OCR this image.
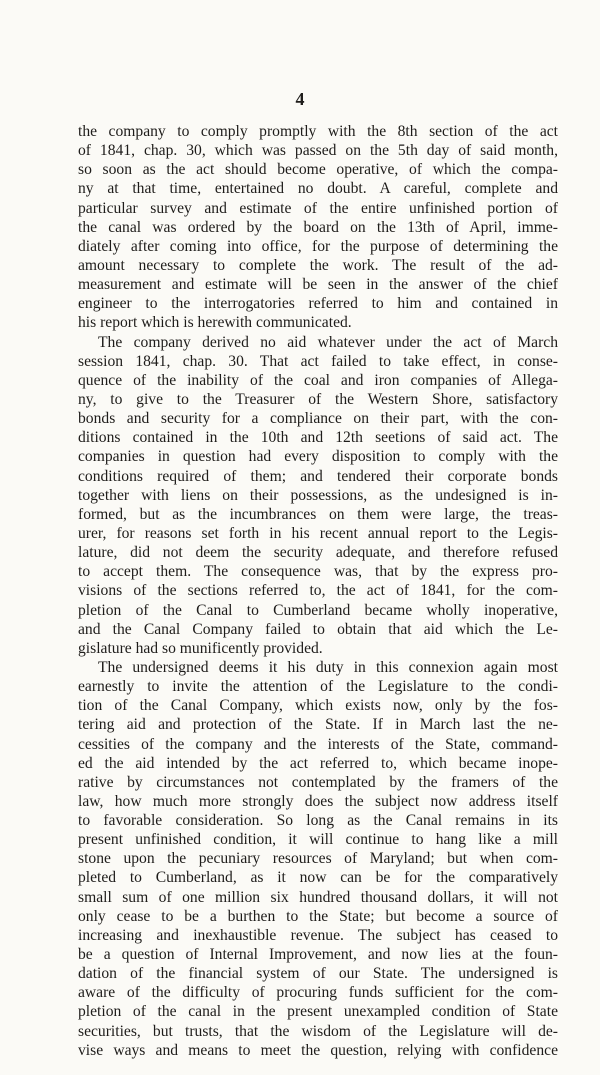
4
the company to comply promptly with the 8th section of the act
of 1841, chap. 30, which was passed on the 5th day of said month,
so soon as the act should become operative, of which the compa-
ny at that time, entertained no doubt. A careful, complete and
particular survey and estimate of the entire unfinished portion of
the canal was ordered by the board on the 13th of April, imme-
diately after coming into office, for the purpose of determining the
amount necessary to complete the work. The result of the ad-
measurement and estimate will be seen in the answer of the chief
engineer to the interrogatories referred to him and contained in
his report which is herewith communicated.
The company derived no aid whatever under the act of March
session 1841, chap. 30. That act failed to take effect, in conse-
quence of the inability of the coal and iron companies of Allega-
ny, to give to the Treasurer of the Western Shore, satisfactory
bonds and security for a compliance on their part, with the con-
ditions contained in the 10th and 12th seetions of said act. The
companies in question had every disposition to comply with the
conditions required of them; and tendered their corporate bonds
together with liens on their possessions, as the undesigned is in-
formed, but as the incumbrances on them were large, the treas-
urer, for reasons set forth in his recent annual report to the Legis-
lature, did not deem the security adequate, and therefore refused
to accept them. The consequence was, that by the express pro-
visions of the sections referred to, the act of 1841, for the com-
pletion of the Canal to Cumberland became wholly inoperative,
and the Canal Company failed to obtain that aid which the Le-
gislature had so munificently provided.
The undersigned deems it his duty in this connexion again most
earnestly to invite the attention of the Legislature to the condi-
tion of the Canal Company, which exists now, only by the fos-
tering aid and protection of the State. If in March last the ne-
cessities of the company and the interests of the State, command-
ed the aid intended by the act referred to, which became inope-
rative by circumstances not contemplated by the framers of the
law, how much more strongly does the subject now address itself
to favorable consideration. So long as the Canal remains in its
present unfinished condition, it will continue to hang like a mill
stone upon the pecuniary resources of Maryland; but when com-
pleted to Cumberland, as it now can be for the comparatively
small sum of one million six hundred thousand dollars, it will not
only cease to be a burthen to the State; but become a source of
increasing and inexhaustible revenue. The subject has ceased to
be a question of Internal Improvement, and now lies at the foun-
dation of the financial system of our State. The undersigned is
aware of the difficulty of procuring funds sufficient for the com-
pletion of the canal in the present unexampled condition of State
securities, but trusts, that the wisdom of the Legislature will de-
vise ways and means to meet the question, relying with confidence
